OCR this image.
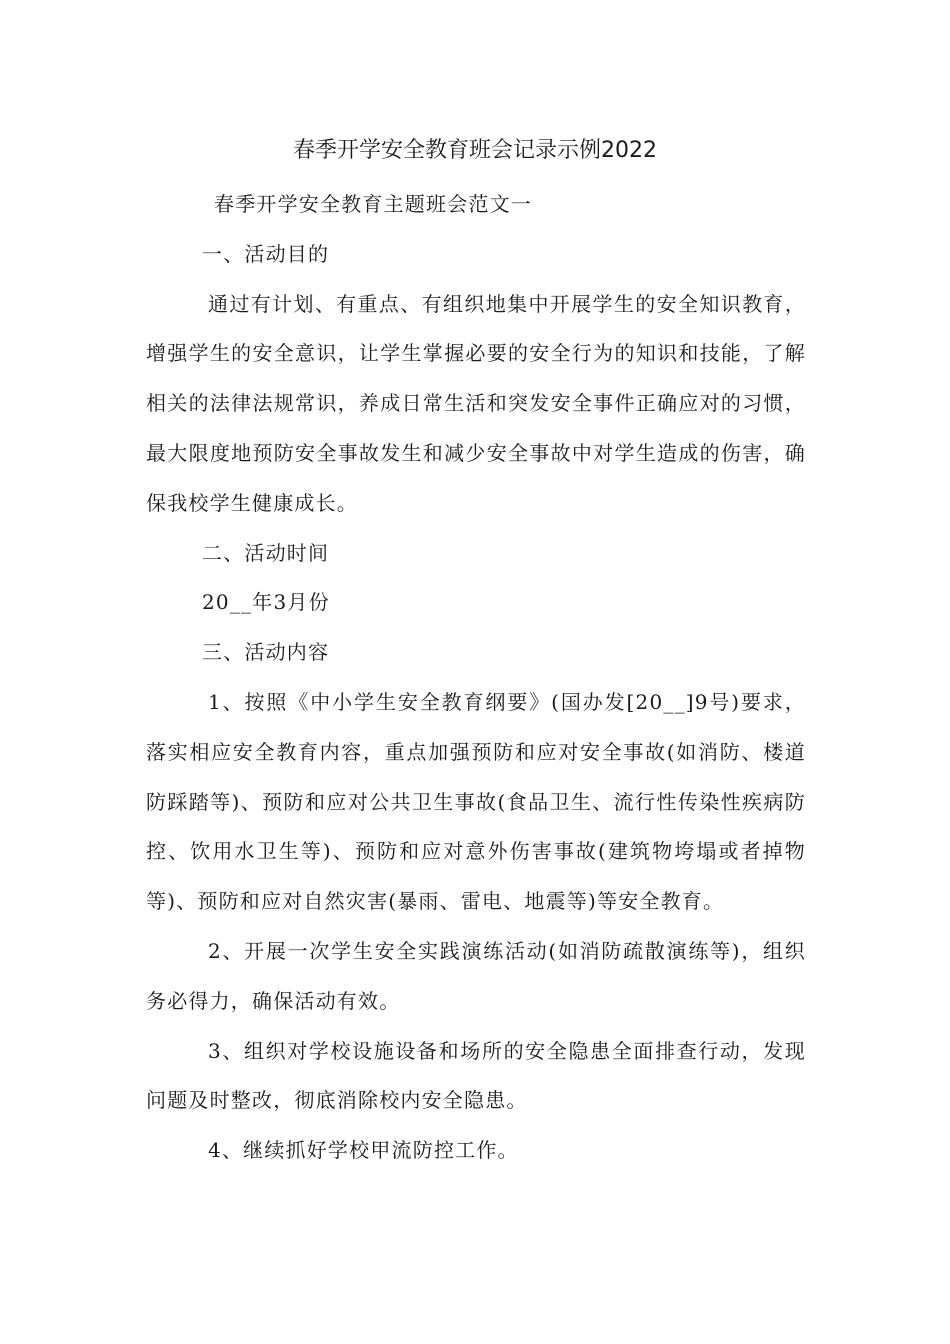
春季开学安全教育班会记录示例2022

春季开学安全教育主题班会范文一

一、活动目的

通过有计划、有重点、有组织地集中开展学生的安全知识教育，增强学生的安全意识，让学生掌握必要的安全行为的知识和技能，了解相关的法律法规常识，养成日常生活和突发安全事件正确应对的习惯，最大限度地预防安全事故发生和减少安全事故中对学生造成的伤害，确保我校学生健康成长。

二、活动时间

20__年3月份

三、活动内容

1、按照《中小学生安全教育纲要》(国办发[20__]9号)要求，落实相应安全教育内容，重点加强预防和应对安全事故(如消防、楼道防踩踏等)、预防和应对公共卫生事故(食品卫生、流行性传染性疾病防控、饮用水卫生等)、预防和应对意外伤害事故(建筑物垮塌或者掉物等)、预防和应对自然灾害(暴雨、雷电、地震等)等安全教育。

2、开展一次学生安全实践演练活动(如消防疏散演练等)，组织务必得力，确保活动有效。

3、组织对学校设施设备和场所的安全隐患全面排查行动，发现问题及时整改，彻底消除校内安全隐患。

4、继续抓好学校甲流防控工作。
